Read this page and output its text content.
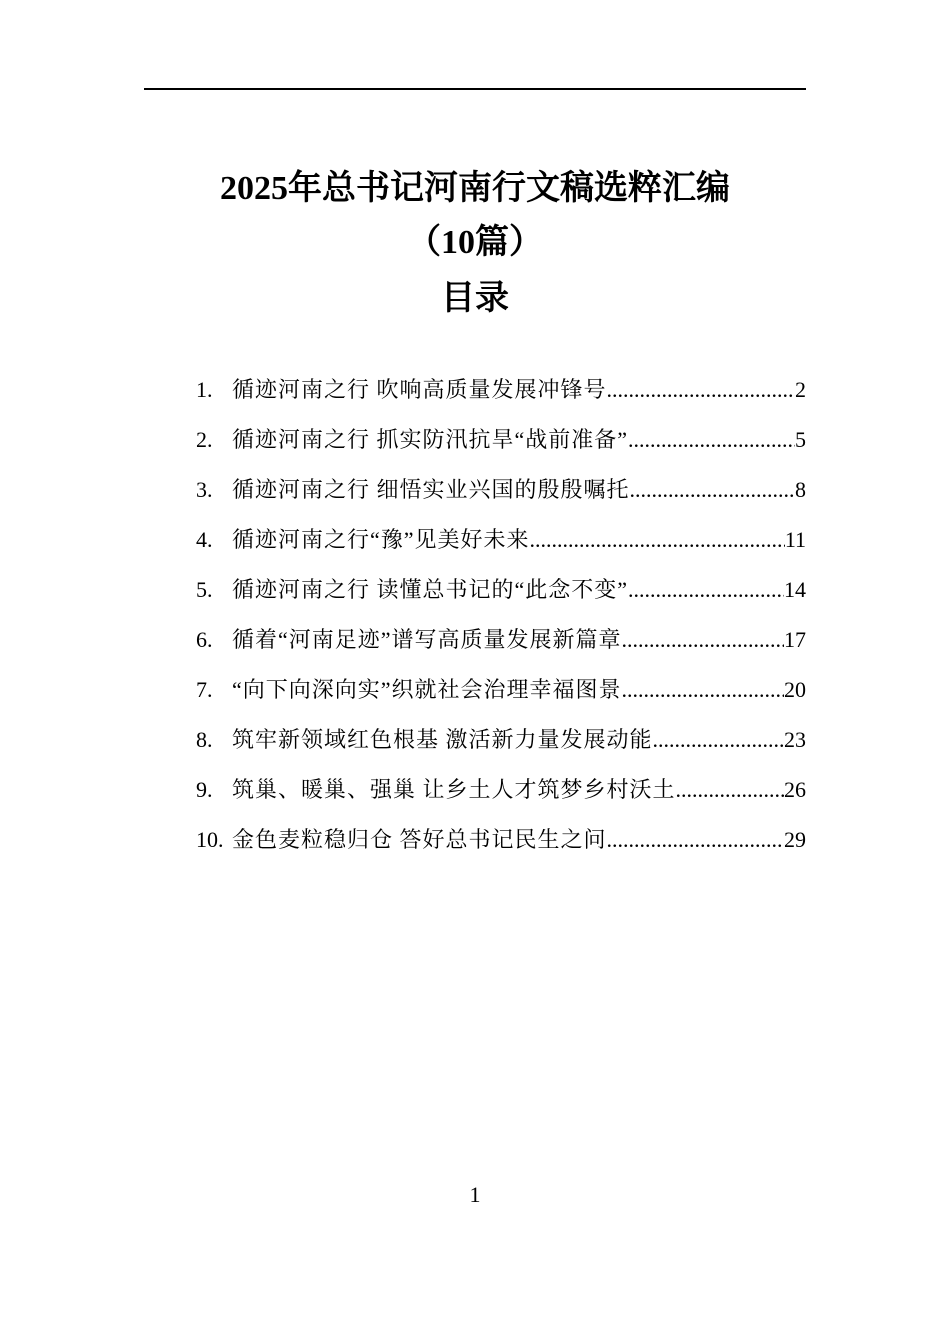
2025年总书记河南行文稿选粹汇编
（10篇）
目录
1. 循迹河南之行 吹响高质量发展冲锋号 .....	2
2. 循迹河南之行 抓实防汛抗旱“战前准备” .....	5
3. 循迹河南之行 细悟实业兴国的殷殷嘱托 .....	8
4. 循迹河南之行“豫”见美好未来 .....	11
5. 循迹河南之行 读懂总书记的“此念不变” .....	14
6. 循着“河南足迹”谱写高质量发展新篇章 .....	17
7. “向下向深向实”织就社会治理幸福图景 .....	20
8. 筑牢新领域红色根基 激活新力量发展动能 .....	23
9. 筑巢、暖巢、强巢 让乡土人才筑梦乡村沃土 .....	26
10. 金色麦粒稳归仓 答好总书记民生之问 .....	29
1
